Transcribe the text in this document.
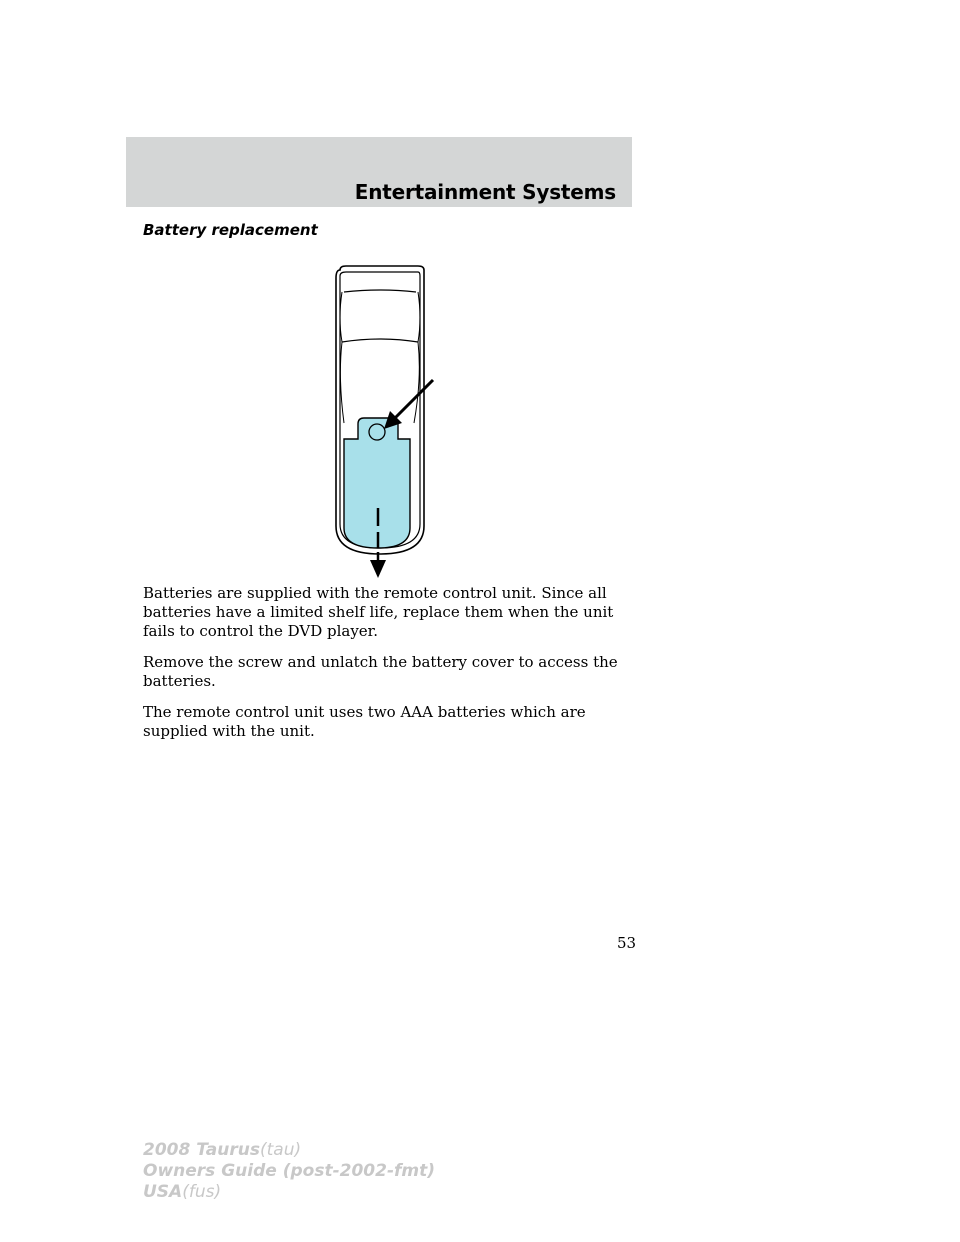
Entertainment Systems
Battery replacement

Batteries are supplied with the remote control unit. Since all batteries have a limited shelf life, replace them when the unit fails to control the DVD player.

Remove the screw and unlatch the battery cover to access the batteries.

The remote control unit uses two AAA batteries which are supplied with the unit.

53
2008 Taurus(tau)
Owners Guide (post-2002-fmt)
USA(fus)
